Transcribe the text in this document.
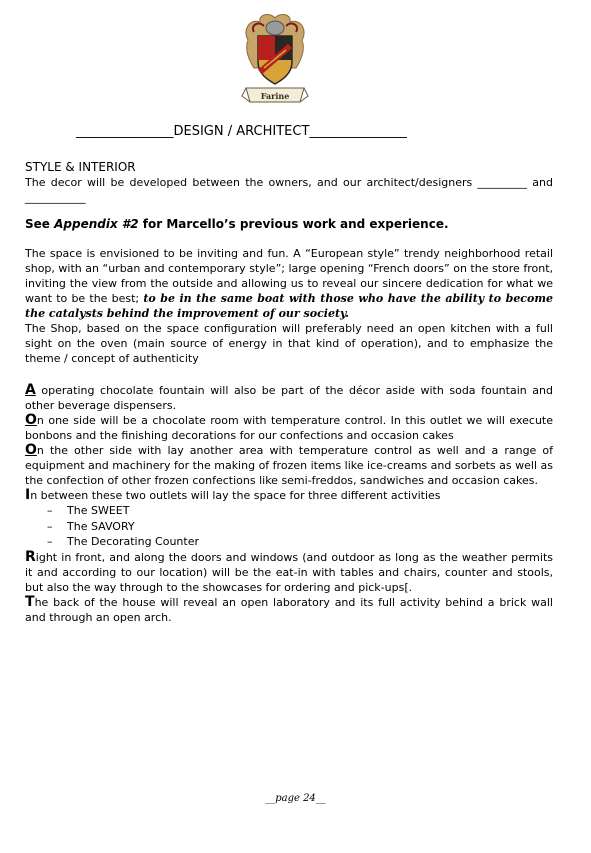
Farine
_______________DESIGN / ARCHITECT_______________
STYLE & INTERIOR

The decor will be developed between the owners, and our architect/designers _________ and ___________

See Appendix #2 for Marcello’s previous work and experience.

The space is envisioned to be inviting and fun. A “European style” trendy neighborhood retail shop, with an “urban and contemporary style”; large opening “French doors” on the store front, inviting the view from the outside and allowing us to reveal our sincere dedication for what we want to be the best; to be in the same boat with those who have the ability to become the catalysts behind the improvement of our society.

The Shop, based on the space configuration will preferably need an open kitchen with a full sight on the oven (main source of energy in that kind of operation), and to emphasize the theme / concept of authenticity

A operating chocolate fountain will also be part of the décor aside with soda fountain and other beverage dispensers.

On one side will be a chocolate room with temperature control. In this outlet we will execute bonbons and the finishing decorations for our confections and occasion cakes

On the other side with lay another area with temperature control as well and a range of equipment and machinery for the making of frozen items like ice-creams and sorbets as well as the confection of other frozen confections like semi-freddos, sandwiches and occasion cakes.

In between these two outlets will lay the space for three different activities

– The SWEET
– The SAVORY
– The Decorating Counter

Right in front, and along the doors and windows (and outdoor as long as the weather permits it and according to our location) will be the eat-in with tables and chairs, counter and stools, but also the way through to the showcases for ordering and pick-ups[.

The back of the house will reveal an open laboratory and its full activity behind a brick wall and through an open arch.

__page 24__
